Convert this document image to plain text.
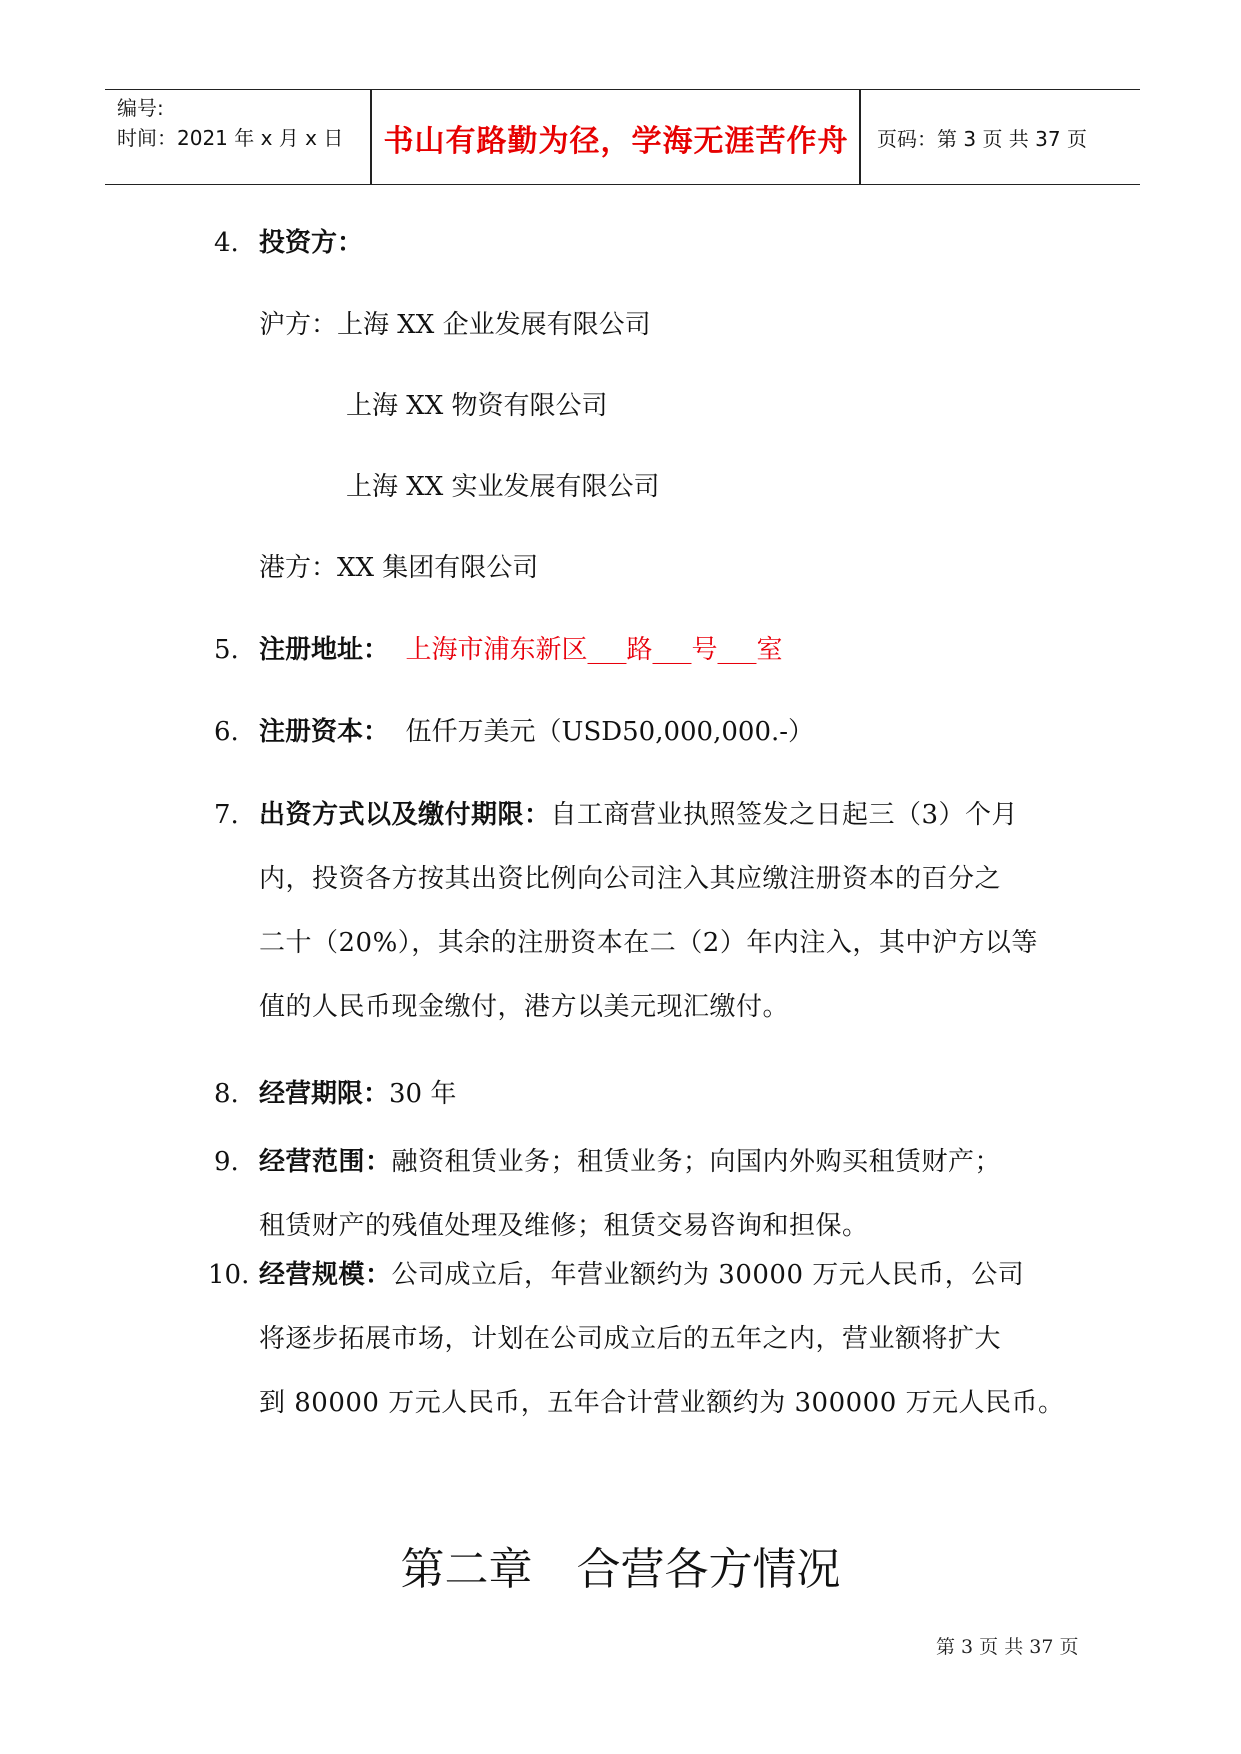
编号:
时间：2021 年 x 月 x 日	书山有路勤为径，学海无涯苦作舟	页码：第 3 页 共 37 页
4. 投资方：
沪方：上海 XX 企业发展有限公司
上海 XX 物资有限公司
上海 XX 实业发展有限公司
港方：XX 集团有限公司
5. 注册地址： 上海市浦东新区___路___号___室
6. 注册资本： 伍仟万美元（USD50,000,000.-）
7. 出资方式以及缴付期限：自工商营业执照签发之日起三（3）个月
内，投资各方按其出资比例向公司注入其应缴注册资本的百分之
二十（20%），其余的注册资本在二（2）年内注入，其中沪方以等
值的人民币现金缴付，港方以美元现汇缴付。
8. 经营期限：30 年
9. 经营范围：融资租赁业务；租赁业务；向国内外购买租赁财产；
租赁财产的残值处理及维修；租赁交易咨询和担保。
10. 经营规模：公司成立后，年营业额约为 30000 万元人民币，公司
将逐步拓展市场，计划在公司成立后的五年之内，营业额将扩大
到 80000 万元人民币，五年合计营业额约为 300000 万元人民币。
第二章　合营各方情况
第 3 页 共 37 页
